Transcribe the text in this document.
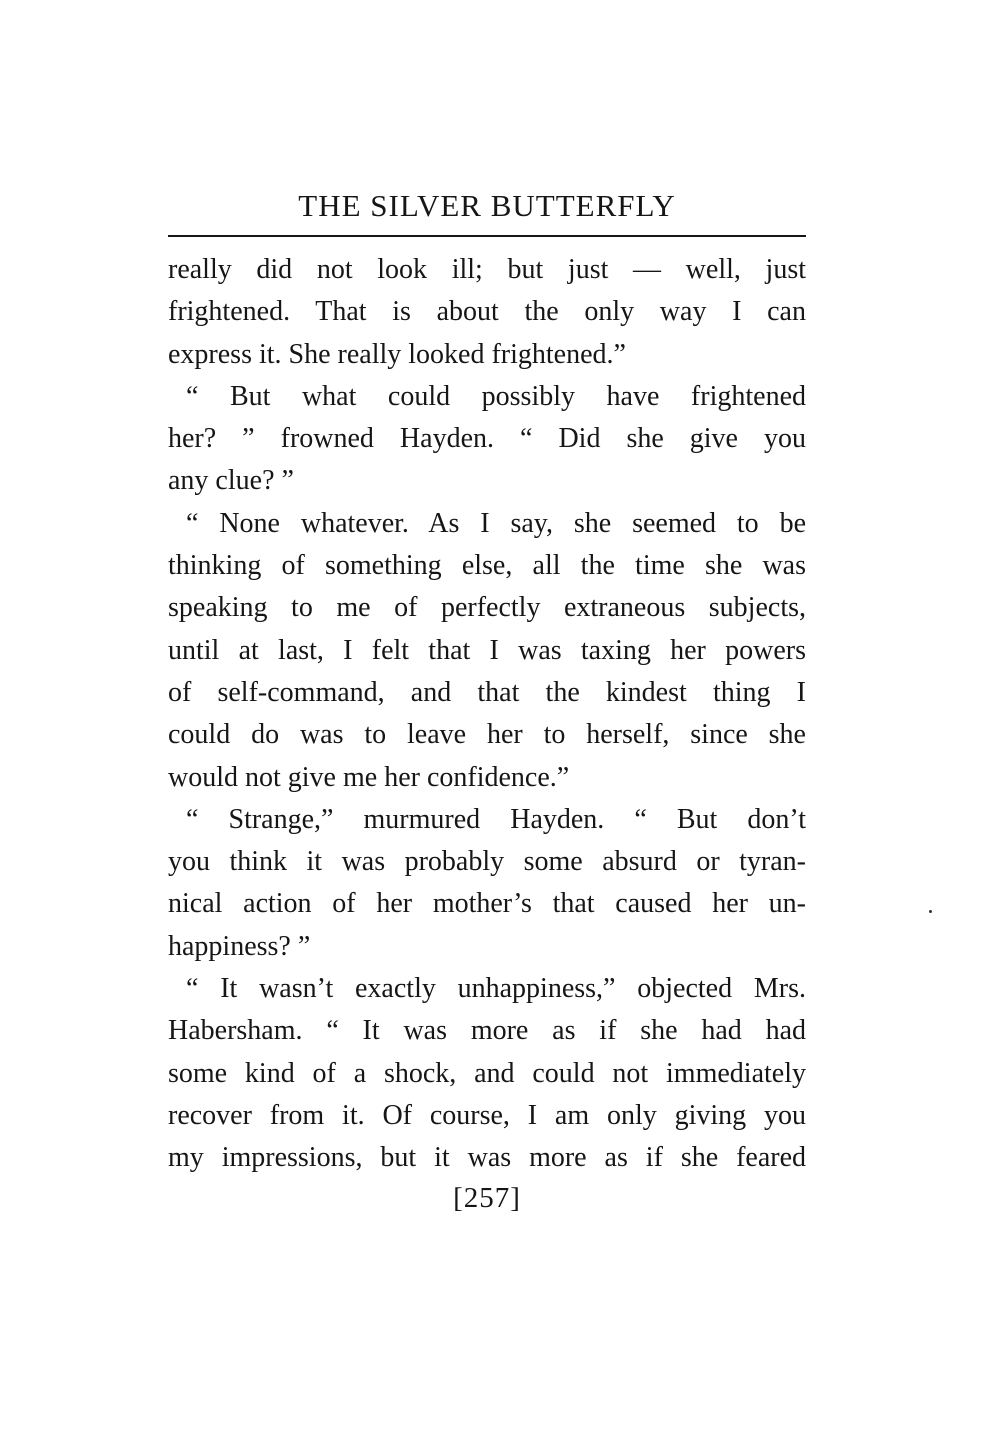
THE SILVER BUTTERFLY
really did not look ill; but just — well, just
frightened. That is about the only way I can
express it. She really looked frightened.”
“ But what could possibly have frightened
her? ” frowned Hayden. “ Did she give you
any clue? ”
“ None whatever. As I say, she seemed to be
thinking of something else, all the time she was
speaking to me of perfectly extraneous subjects,
until at last, I felt that I was taxing her powers
of self-command, and that the kindest thing I
could do was to leave her to herself, since she
would not give me her confidence.”
“ Strange,” murmured Hayden. “ But don’t
you think it was probably some absurd or tyran-
nical action of her mother’s that caused her un-
happiness? ”
“ It wasn’t exactly unhappiness,” objected Mrs.
Habersham. “ It was more as if she had had
some kind of a shock, and could not immediately
recover from it. Of course, I am only giving you
my impressions, but it was more as if she feared
[257]
